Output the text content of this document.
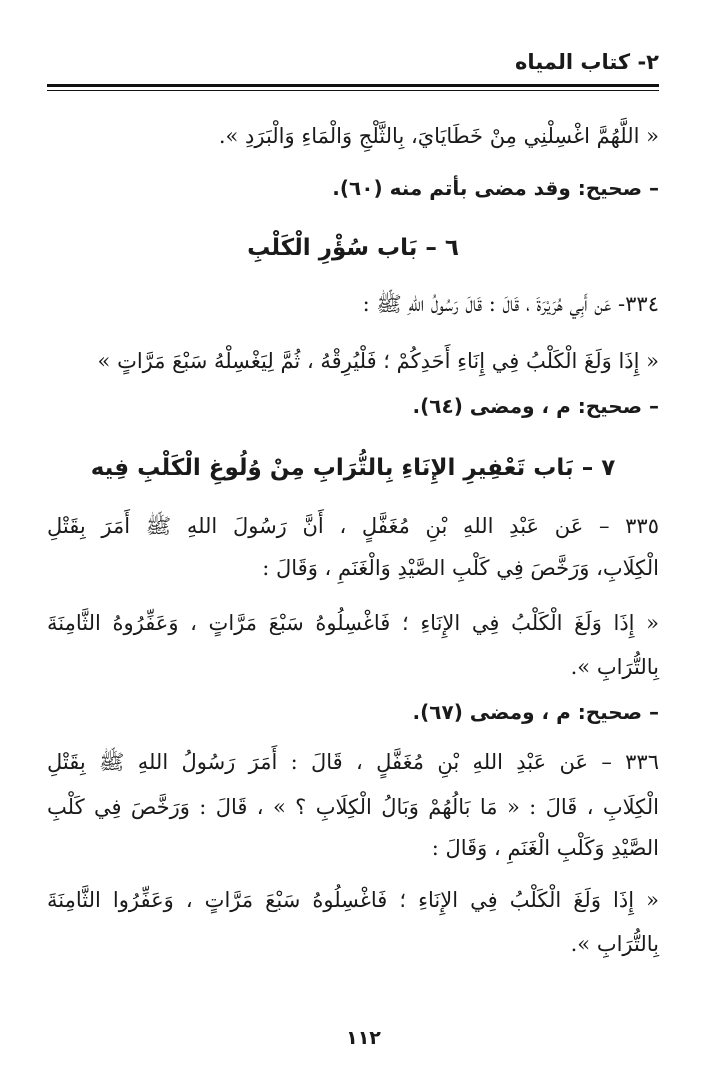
٢- كتاب المياه
« اللَّهُمَّ اغْسِلْنِي مِنْ خَطَايَايَ، بِالثَّلْجِ وَالْمَاءِ وَالْبَرَدِ ».
– صحيح: وقد مضى بأتم منه (٦٠).
٦ – بَاب سُؤْرِ الْكَلْبِ
٣٣٤- عَن أَبِي هُرَيْرَةَ ، قَالَ : قَالَ رَسُولُ اللهِ ﷺ :
« إِذَا وَلَغَ الْكَلْبُ فِي إِنَاءِ أَحَدِكُمْ ؛ فَلْيُرِقْهُ ، ثُمَّ لِيَغْسِلْهُ سَبْعَ مَرَّاتٍ »
– صحيح: م ، ومضى (٦٤).
٧ – بَاب تَعْفِيرِ الإِنَاءِ بِالتُّرَابِ مِنْ وُلُوغِ الْكَلْبِ فِيه
٣٣٥ – عَن عَبْدِ اللهِ بْنِ مُغَفَّلٍ ، أَنَّ رَسُولَ اللهِ ﷺ أَمَرَ بِقَتْلِ
الْكِلَابِ، وَرَخَّصَ فِي كَلْبِ الصَّيْدِ وَالْغَنَمِ ، وَقَالَ :
« إِذَا وَلَغَ الْكَلْبُ فِي الإِنَاءِ ؛ فَاغْسِلُوهُ سَبْعَ مَرَّاتٍ ، وَعَفِّرُوهُ الثَّامِنَةَ
بِالتُّرَابِ ».
– صحيح: م ، ومضى (٦٧).
٣٣٦ – عَن عَبْدِ اللهِ بْنِ مُغَفَّلٍ ، قَالَ : أَمَرَ رَسُولُ اللهِ ﷺ بِقَتْلِ
الْكِلَابِ ، قَالَ : « مَا بَالُهُمْ وَبَالُ الْكِلَابِ ؟ » ، قَالَ : وَرَخَّصَ فِي كَلْبِ
الصَّيْدِ وَكَلْبِ الْغَنَمِ ، وَقَالَ :
« إِذَا وَلَغَ الْكَلْبُ فِي الإِنَاءِ ؛ فَاغْسِلُوهُ سَبْعَ مَرَّاتٍ ، وَعَفِّرُوا الثَّامِنَةَ
بِالتُّرَابِ ».
١١٢
